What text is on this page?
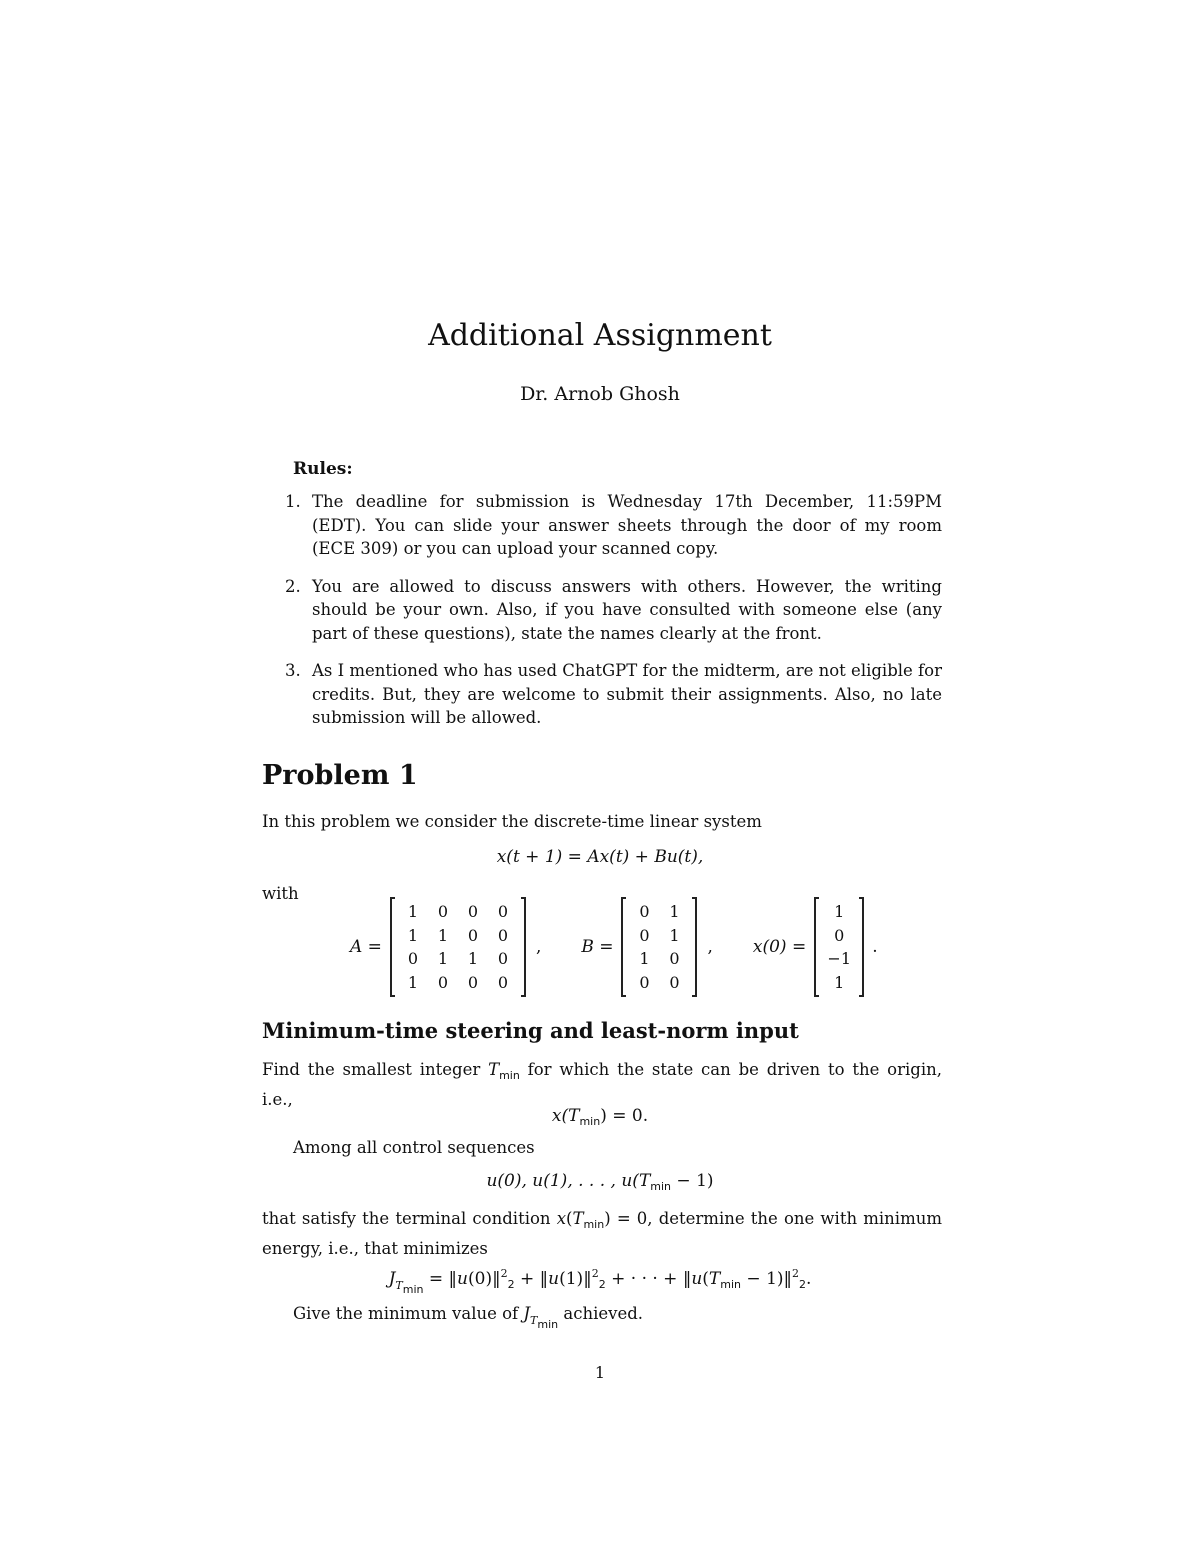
Additional Assignment

Dr. Arnob Ghosh

Rules:

1. The deadline for submission is Wednesday 17th December, 11:59PM (EDT). You can slide your answer sheets through the door of my room (ECE 309) or you can upload your scanned copy.
2. You are allowed to discuss answers with others. However, the writing should be your own. Also, if you have consulted with someone else (any part of these questions), state the names clearly at the front.
3. As I mentioned who has used ChatGPT for the midterm, are not eligible for credits. But, they are welcome to submit their assignments. Also, no late submission will be allowed.
Problem 1

In this problem we consider the discrete-time linear system

x(t + 1) = Ax(t) + Bu(t),

with

A =
1	0	0	0
1	1	0	0
0	1	1	0
1	0	0	0
, B =
0	1
0	1
1	0
0	0
, x(0) =
1
0
−1
1
.
Minimum-time steering and least-norm input

Find the smallest integer $T_{min}$ for which the state can be driven to the origin, i.e.,

$x(T_{min}) = 0$.

Among all control sequences

u(0), u(1), . . . , $u(T_{min} - 1)$

that satisfy the terminal condition $x(T_{min}) = 0$, determine the one with minimum energy, i.e., that minimizes

$J_{Tmin}$ = ‖u(0)‖$^2_2$ + ‖u(1)‖$^2_2$ + · · · + $‖u(T_{min}$ − 1)‖$^2_2$.

Give the minimum value of $J_{Tmin}$ achieved.

1
